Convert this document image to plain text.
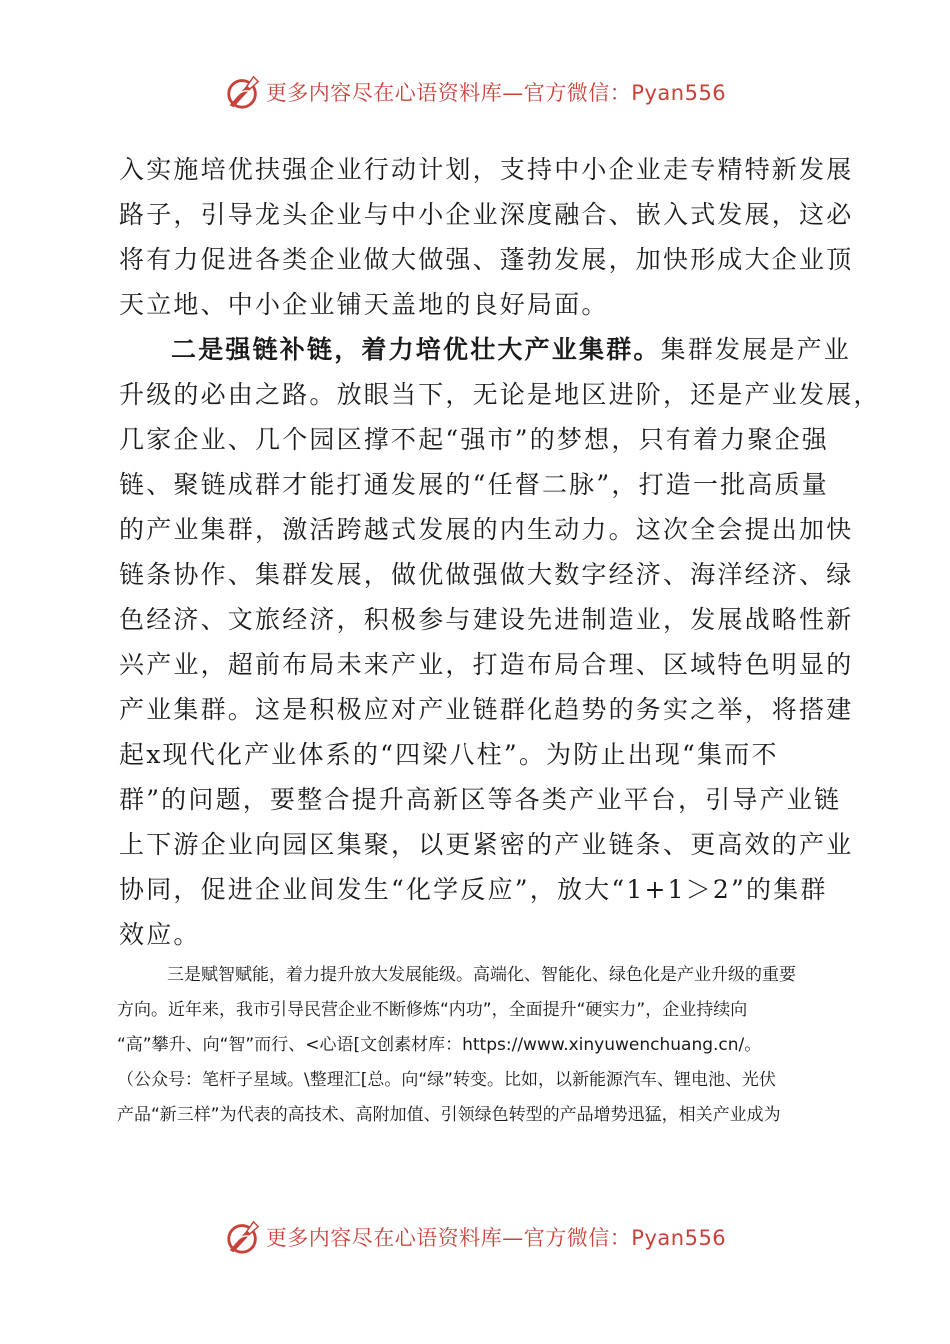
更多内容尽在心语资料库—官方微信：Pyan556
入实施培优扶强企业行动计划，支持中小企业走专精特新发展
路子，引导龙头企业与中小企业深度融合、嵌入式发展，这必
将有力促进各类企业做大做强、蓬勃发展，加快形成大企业顶
天立地、中小企业铺天盖地的良好局面。
二是强链补链，着力培优壮大产业集群。集群发展是产业
升级的必由之路。放眼当下，无论是地区进阶，还是产业发展，
几家企业、几个园区撑不起“强市”的梦想，只有着力聚企强
链、聚链成群才能打通发展的“任督二脉”，打造一批高质量
的产业集群，激活跨越式发展的内生动力。这次全会提出加快
链条协作、集群发展，做优做强做大数字经济、海洋经济、绿
色经济、文旅经济，积极参与建设先进制造业，发展战略性新
兴产业，超前布局未来产业，打造布局合理、区域特色明显的
产业集群。这是积极应对产业链群化趋势的务实之举，将搭建
起x现代化产业体系的“四梁八柱”。为防止出现“集而不
群”的问题，要整合提升高新区等各类产业平台，引导产业链
上下游企业向园区集聚，以更紧密的产业链条、更高效的产业
协同，促进企业间发生“化学反应”，放大“1+1＞2”的集群
效应。
三是赋智赋能，着力提升放大发展能级。高端化、智能化、绿色化是产业升级的重要
方向。近年来，我市引导民营企业不断修炼“内功”，全面提升“硬实力”，企业持续向
“高”攀升、向“智”而行、<心语[文创素材库：https://www.xinyuwenchuang.cn/。
（公众号：笔杆子星域。\整理汇[总。向“绿”转变。比如，以新能源汽车、锂电池、光伏
产品“新三样”为代表的高技术、高附加值、引领绿色转型的产品增势迅猛，相关产业成为
更多内容尽在心语资料库—官方微信：Pyan556
